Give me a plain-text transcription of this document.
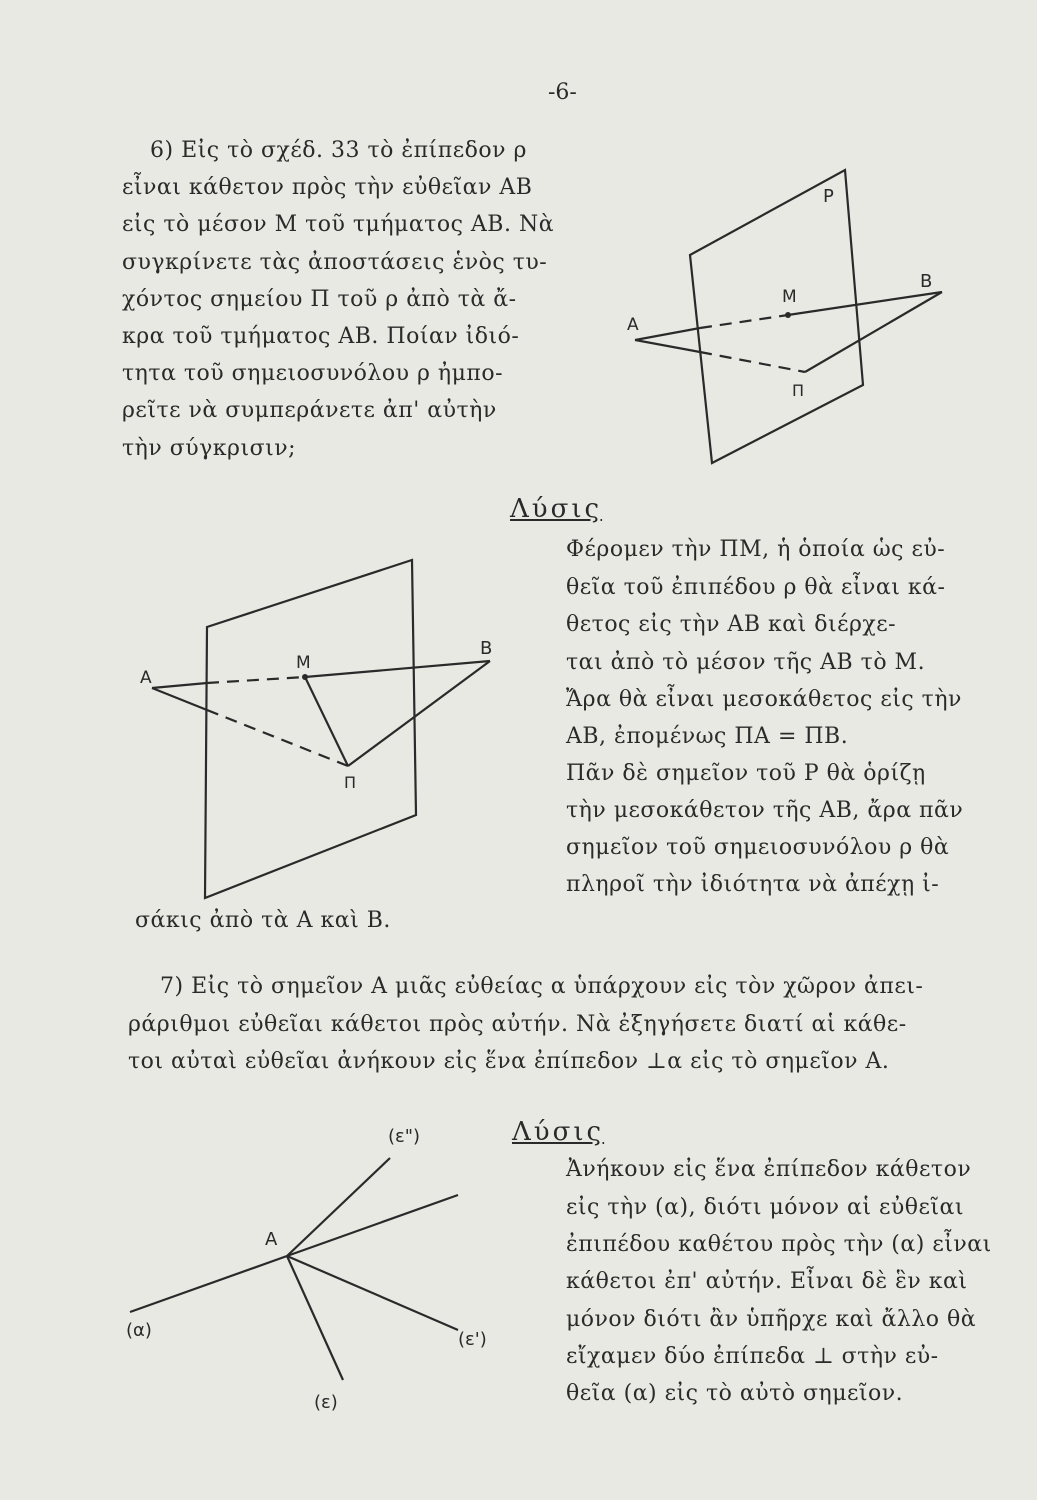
-6-
6) Εἰς τὸ σχέδ. 33 τὸ ἐπίπεδον ρ
εἶναι κάθετον πρὸς τὴν εὐθεῖαν ΑΒ
εἰς τὸ μέσον Μ τοῦ τμήματος ΑΒ. Νὰ
συγκρίνετε τὰς ἀποστάσεις ἑνὸς τυ-
χόντος σημείου Π τοῦ ρ ἀπὸ τὰ ἄ-
κρα τοῦ τμήματος ΑΒ. Ποίαν ἰδιό-
τητα τοῦ σημειοσυνόλου ρ ἠμπο-
ρεῖτε νὰ συμπεράνετε ἀπ' αὐτὴν
τὴν σύγκρισιν;
P
A
B
M
Π
Λύσις
Φέρομεν τὴν ΠΜ, ἡ ὁποία ὡς εὐ-
θεῖα τοῦ ἐπιπέδου ρ θὰ εἶναι κά-
θετος εἰς τὴν ΑΒ καὶ διέρχε-
ται ἀπὸ τὸ μέσον τῆς ΑΒ τὸ Μ.
Ἄρα θὰ εἶναι μεσοκάθετος εἰς τὴν
ΑΒ, ἐπομένως ΠΑ = ΠΒ.
Πᾶν δὲ σημεῖον τοῦ Ρ θὰ ὁρίζῃ
τὴν μεσοκάθετον τῆς ΑΒ, ἄρα πᾶν
σημεῖον τοῦ σημειοσυνόλου ρ θὰ
πληροῖ τὴν ἰδιότητα νὰ ἀπέχῃ ἰ-
σάκις ἀπὸ τὰ Α καὶ Β.
A
B
M
Π
7) Εἰς τὸ σημεῖον Α μιᾶς εὐθείας α ὑπάρχουν εἰς τὸν χῶρον ἀπει-
ράριθμοι εὐθεῖαι κάθετοι πρὸς αὐτήν. Νὰ ἐξηγήσετε διατί αἱ κάθε-
τοι αὐταὶ εὐθεῖαι ἀνήκουν εἰς ἕνα ἐπίπεδον ⊥α εἰς τὸ σημεῖον Α.
(ε")
A
(α)	(ε')
(ε)
Λύσις
Ἀνήκουν εἰς ἕνα ἐπίπεδον κάθετον
εἰς τὴν (α), διότι μόνον αἱ εὐθεῖαι
ἐπιπέδου καθέτου πρὸς τὴν (α) εἶναι
κάθετοι ἐπ' αὐτήν. Εἶναι δὲ ἓν καὶ
μόνον διότι ἂν ὑπῆρχε καὶ ἄλλο θὰ
εἴχαμεν δύο ἐπίπεδα ⊥ στὴν εὐ-
θεῖα (α) εἰς τὸ αὐτὸ σημεῖον.
